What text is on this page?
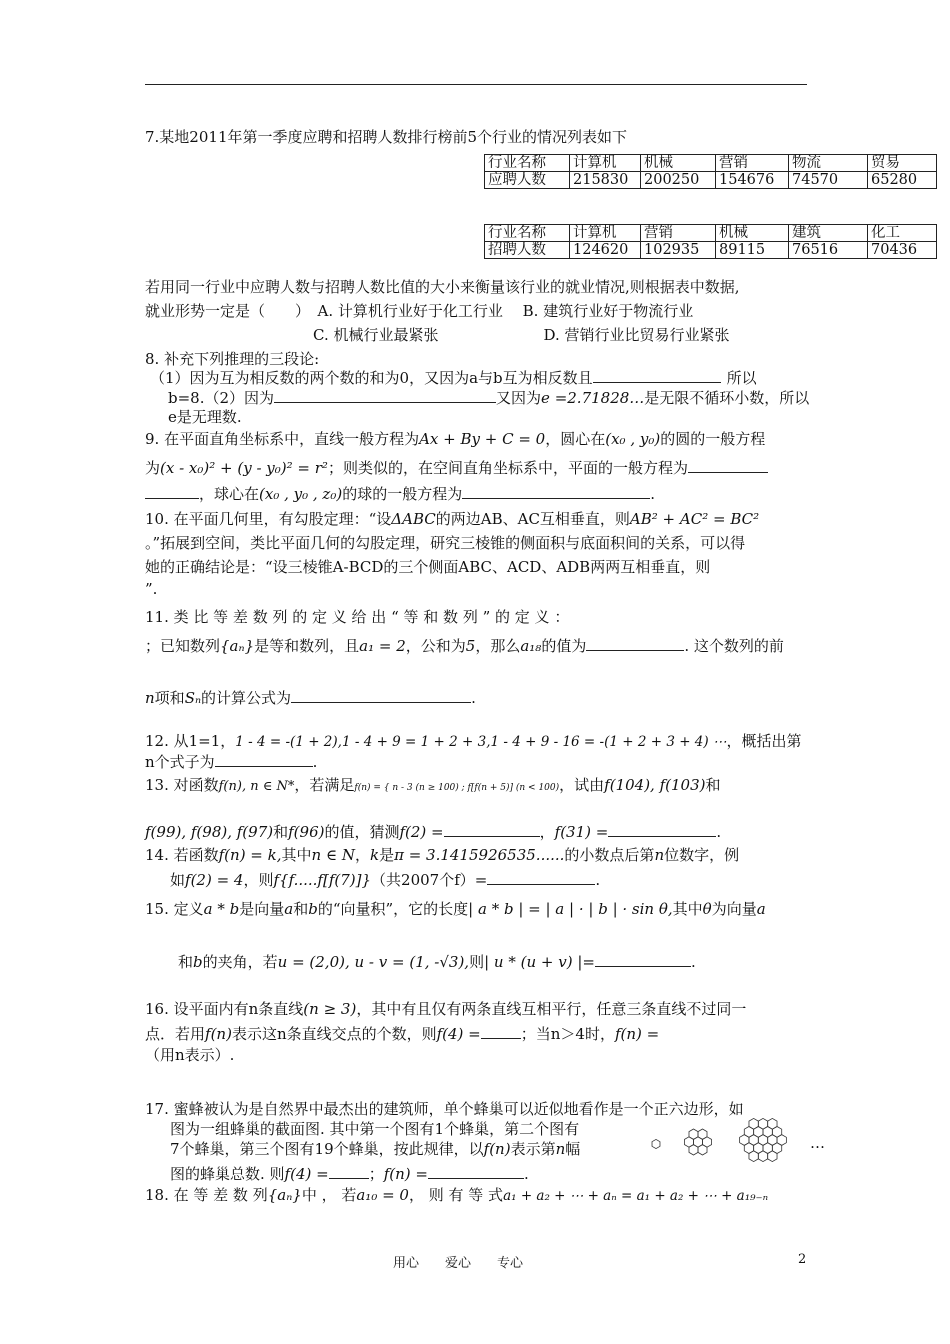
7.某地2011年第一季度应聘和招聘人数排行榜前5个行业的情况列表如下
行业名称	计算机	机械	营销	物流	贸易
应聘人数	215830	200250	154676	74570	65280
行业名称	计算机	营销	机械	建筑	化工
招聘人数	124620	102935	89115	76516	70436
若用同一行业中应聘人数与招聘人数比值的大小来衡量该行业的就业情况,则根据表中数据,
就业形势一定是（　　）　A. 计算机行业好于化工行业　 B. 建筑行业好于物流行业
C. 机械行业最紧张　　　　　　　D. 营销行业比贸易行业紧张
8. 补充下列推理的三段论:
（1）因为互为相反数的两个数的和为0，又因为a与b互为相反数且	所以
b=8.（2）因为	又因为e =2.71828…是无限不循环小数，所以
e是无理数.
9. 在平面直角坐标系中，直线一般方程为Ax + By + C = 0，圆心在(x₀ , y₀)的圆的一般方程
为(x - x₀)² + (y - y₀)² = r²；则类似的，在空间直角坐标系中，平面的一般方程为
，球心在(x₀ , y₀ , z₀)的球的一般方程为	.
10. 在平面几何里，有勾股定理：“设ΔABC的两边AB、AC互相垂直，则AB² + AC² = BC²
。”拓展到空间，类比平面几何的勾股定理，研究三棱锥的侧面积与底面积间的关系，可以得
她的正确结论是：“设三棱锥A-BCD的三个侧面ABC、ACD、ADB两两互相垂直，则
”.
11. 类 比 等 差 数 列 的 定 义 给 出 “ 等 和 数 列 ” 的 定 义 ：
；已知数列{aₙ}是等和数列，且a₁ = 2，公和为5，那么a₁₈的值为	. 这个数列的前
n项和Sₙ的计算公式为	.
12. 从1=1，1 - 4 = -(1 + 2),1 - 4 + 9 = 1 + 2 + 3,1 - 4 + 9 - 16 = -(1 + 2 + 3 + 4) ⋯，概括出第
n个式子为	.
13. 对函数f(n), n ∈ N*，若满足f(n) = { n - 3 (n ≥ 100) ; f[f(n + 5)] (n < 100)，试由f(104), f(103)和
f(99), f(98), f(97)和f(96)的值，猜测f(2) =	，f(31) =	.
14. 若函数f(n) = k,其中n ∈ N，k是π = 3.1415926535......的小数点后第n位数字，例
如f(2) = 4，则f{f.....f[f(7)]}（共2007个f）=	.
15. 定义a * b是向量a和b的“向量积”，它的长度| a * b | = | a | · | b | · sin θ,其中θ为向量a
和b的夹角，若u = (2,0), u - v = (1, -√3),则| u * (u + v) |=	.
16. 设平面内有n条直线(n ≥ 3)，其中有且仅有两条直线互相平行，任意三条直线不过同一
点．若用f(n)表示这n条直线交点的个数，则f(4) =	；当n＞4时，f(n) =
（用n表示）.
17. 蜜蜂被认为是自然界中最杰出的建筑师，单个蜂巢可以近似地看作是一个正六边形，如
图为一组蜂巢的截面图. 其中第一个图有1个蜂巢，第二个图有
7个蜂巢，第三个图有19个蜂巢，按此规律，以f(n)表示第n幅
图的蜂巢总数. 则f(4) =	；f(n) =	.
…
18. 在 等 差 数 列{aₙ}中 ， 若a₁₀ = 0， 则 有 等 式a₁ + a₂ + ⋯ + aₙ = a₁ + a₂ + ⋯ + a₁₉₋ₙ
用心　　爱心　　专心	2
